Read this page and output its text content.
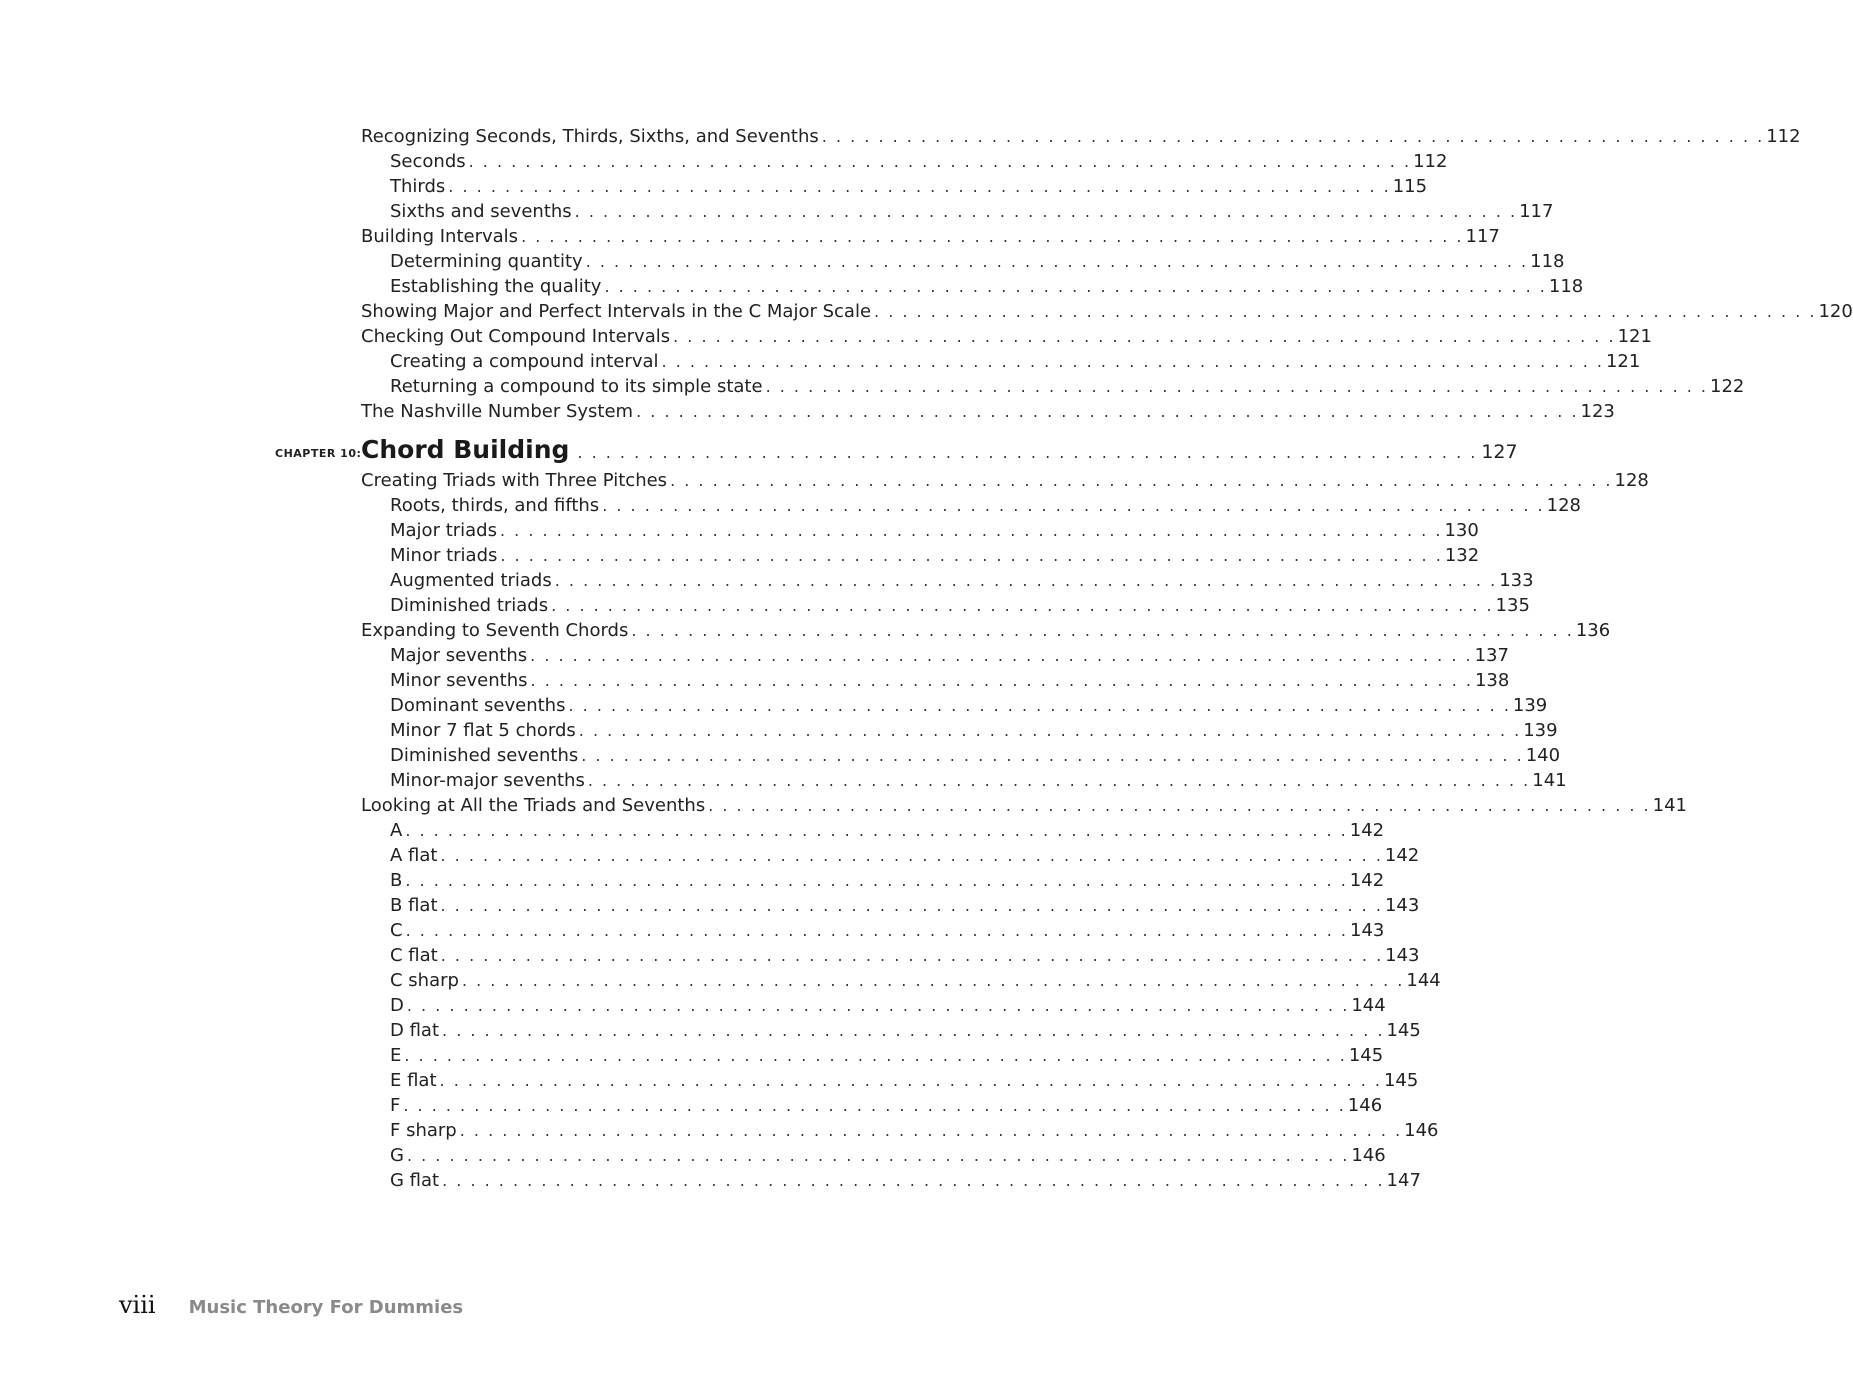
Recognizing Seconds, Thirds, Sixths, and Sevenths . . . . . . . . . . . . . . . . . . . . . . . . . . . . . . . . . . . . . . . . . . . . . . . . . . . . . . . . . . . . . . . . . . . 112
Seconds . . . . . . . . . . . . . . . . . . . . . . . . . . . . . . . . . . . . . . . . . . . . . . . . . . . . . . . . . . . . . . . . . . . 112
Thirds . . . . . . . . . . . . . . . . . . . . . . . . . . . . . . . . . . . . . . . . . . . . . . . . . . . . . . . . . . . . . . . . . . . 115
Sixths and sevenths . . . . . . . . . . . . . . . . . . . . . . . . . . . . . . . . . . . . . . . . . . . . . . . . . . . . . . . . . . . . . . . . . . . 117
Building Intervals . . . . . . . . . . . . . . . . . . . . . . . . . . . . . . . . . . . . . . . . . . . . . . . . . . . . . . . . . . . . . . . . . . . 117
Determining quantity . . . . . . . . . . . . . . . . . . . . . . . . . . . . . . . . . . . . . . . . . . . . . . . . . . . . . . . . . . . . . . . . . . . 118
Establishing the quality . . . . . . . . . . . . . . . . . . . . . . . . . . . . . . . . . . . . . . . . . . . . . . . . . . . . . . . . . . . . . . . . . . . 118
Showing Major and Perfect Intervals in the C Major Scale . . . . . . . . . . . . . . . . . . . . . . . . . . . . . . . . . . . . . . . . . . . . . . . . . . . . . . . . . . . . . . . . . . . 120
Checking Out Compound Intervals . . . . . . . . . . . . . . . . . . . . . . . . . . . . . . . . . . . . . . . . . . . . . . . . . . . . . . . . . . . . . . . . . . . 121
Creating a compound interval . . . . . . . . . . . . . . . . . . . . . . . . . . . . . . . . . . . . . . . . . . . . . . . . . . . . . . . . . . . . . . . . . . . 121
Returning a compound to its simple state . . . . . . . . . . . . . . . . . . . . . . . . . . . . . . . . . . . . . . . . . . . . . . . . . . . . . . . . . . . . . . . . . . . 122
The Nashville Number System . . . . . . . . . . . . . . . . . . . . . . . . . . . . . . . . . . . . . . . . . . . . . . . . . . . . . . . . . . . . . . . . . . . 123
CHAPTER 10: Chord Building . . . . . . . . . . . . . . . . . . . . . . . . . . . . . . . . . . . . . . . . . . . . . . . . . . . . . . . . . . . . . . . . 127
Creating Triads with Three Pitches . . . . . . . . . . . . . . . . . . . . . . . . . . . . . . . . . . . . . . . . . . . . . . . . . . . . . . . . . . . . . . . . . . . 128
Roots, thirds, and fifths . . . . . . . . . . . . . . . . . . . . . . . . . . . . . . . . . . . . . . . . . . . . . . . . . . . . . . . . . . . . . . . . . . . 128
Major triads . . . . . . . . . . . . . . . . . . . . . . . . . . . . . . . . . . . . . . . . . . . . . . . . . . . . . . . . . . . . . . . . . . . 130
Minor triads . . . . . . . . . . . . . . . . . . . . . . . . . . . . . . . . . . . . . . . . . . . . . . . . . . . . . . . . . . . . . . . . . . . 132
Augmented triads . . . . . . . . . . . . . . . . . . . . . . . . . . . . . . . . . . . . . . . . . . . . . . . . . . . . . . . . . . . . . . . . . . . 133
Diminished triads . . . . . . . . . . . . . . . . . . . . . . . . . . . . . . . . . . . . . . . . . . . . . . . . . . . . . . . . . . . . . . . . . . . 135
Expanding to Seventh Chords . . . . . . . . . . . . . . . . . . . . . . . . . . . . . . . . . . . . . . . . . . . . . . . . . . . . . . . . . . . . . . . . . . . 136
Major sevenths . . . . . . . . . . . . . . . . . . . . . . . . . . . . . . . . . . . . . . . . . . . . . . . . . . . . . . . . . . . . . . . . . . . 137
Minor sevenths . . . . . . . . . . . . . . . . . . . . . . . . . . . . . . . . . . . . . . . . . . . . . . . . . . . . . . . . . . . . . . . . . . . 138
Dominant sevenths . . . . . . . . . . . . . . . . . . . . . . . . . . . . . . . . . . . . . . . . . . . . . . . . . . . . . . . . . . . . . . . . . . . 139
Minor 7 flat 5 chords . . . . . . . . . . . . . . . . . . . . . . . . . . . . . . . . . . . . . . . . . . . . . . . . . . . . . . . . . . . . . . . . . . . 139
Diminished sevenths . . . . . . . . . . . . . . . . . . . . . . . . . . . . . . . . . . . . . . . . . . . . . . . . . . . . . . . . . . . . . . . . . . . 140
Minor-major sevenths . . . . . . . . . . . . . . . . . . . . . . . . . . . . . . . . . . . . . . . . . . . . . . . . . . . . . . . . . . . . . . . . . . . 141
Looking at All the Triads and Sevenths . . . . . . . . . . . . . . . . . . . . . . . . . . . . . . . . . . . . . . . . . . . . . . . . . . . . . . . . . . . . . . . . . . . 141
A . . . . . . . . . . . . . . . . . . . . . . . . . . . . . . . . . . . . . . . . . . . . . . . . . . . . . . . . . . . . . . . . . . . 142
A flat . . . . . . . . . . . . . . . . . . . . . . . . . . . . . . . . . . . . . . . . . . . . . . . . . . . . . . . . . . . . . . . . . . . 142
B . . . . . . . . . . . . . . . . . . . . . . . . . . . . . . . . . . . . . . . . . . . . . . . . . . . . . . . . . . . . . . . . . . . 142
B flat . . . . . . . . . . . . . . . . . . . . . . . . . . . . . . . . . . . . . . . . . . . . . . . . . . . . . . . . . . . . . . . . . . . 143
C . . . . . . . . . . . . . . . . . . . . . . . . . . . . . . . . . . . . . . . . . . . . . . . . . . . . . . . . . . . . . . . . . . . 143
C flat . . . . . . . . . . . . . . . . . . . . . . . . . . . . . . . . . . . . . . . . . . . . . . . . . . . . . . . . . . . . . . . . . . . 143
C sharp . . . . . . . . . . . . . . . . . . . . . . . . . . . . . . . . . . . . . . . . . . . . . . . . . . . . . . . . . . . . . . . . . . . 144
D . . . . . . . . . . . . . . . . . . . . . . . . . . . . . . . . . . . . . . . . . . . . . . . . . . . . . . . . . . . . . . . . . . . 144
D flat . . . . . . . . . . . . . . . . . . . . . . . . . . . . . . . . . . . . . . . . . . . . . . . . . . . . . . . . . . . . . . . . . . . 145
E . . . . . . . . . . . . . . . . . . . . . . . . . . . . . . . . . . . . . . . . . . . . . . . . . . . . . . . . . . . . . . . . . . . 145
E flat . . . . . . . . . . . . . . . . . . . . . . . . . . . . . . . . . . . . . . . . . . . . . . . . . . . . . . . . . . . . . . . . . . . 145
F . . . . . . . . . . . . . . . . . . . . . . . . . . . . . . . . . . . . . . . . . . . . . . . . . . . . . . . . . . . . . . . . . . . 146
F sharp . . . . . . . . . . . . . . . . . . . . . . . . . . . . . . . . . . . . . . . . . . . . . . . . . . . . . . . . . . . . . . . . . . . 146
G . . . . . . . . . . . . . . . . . . . . . . . . . . . . . . . . . . . . . . . . . . . . . . . . . . . . . . . . . . . . . . . . . . . 146
G flat . . . . . . . . . . . . . . . . . . . . . . . . . . . . . . . . . . . . . . . . . . . . . . . . . . . . . . . . . . . . . . . . . . . 147
viii Music Theory For Dummies
